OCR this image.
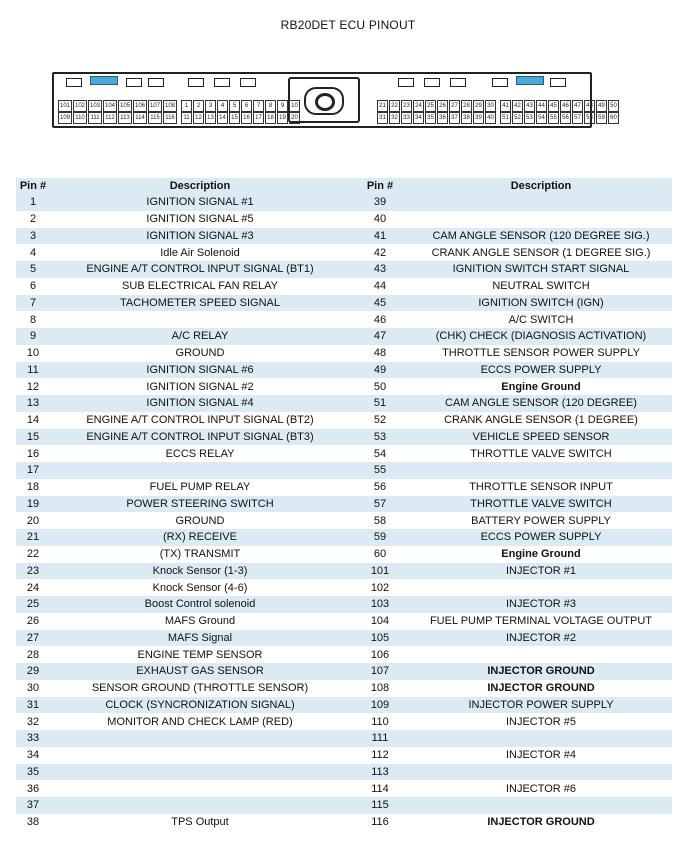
RB20DET ECU PINOUT
101 102 103 104 105 106 107 108	1	2	3	4	5	6	7	8	9	10	21 22 23 24 25 26 27 28 29 30	41 42 43 44 45 46 47 48 49 50
109 110 111 112 113 114 115 116	11 12 13 14 15 16 17 18 19 20	31 32 33 34 35 36 37 38 39 40	51 52 53 54 55 56 57 58 59 60
Pin #	Description	Pin #	Description
1	IGNITION SIGNAL #1	39	
2	IGNITION SIGNAL #5	40	
3	IGNITION SIGNAL #3	41	CAM ANGLE SENSOR (120 DEGREE SIG.)
4	Idle Air Solenoid	42	CRANK ANGLE SENSOR (1 DEGREE SIG.)
5	ENGINE A/T CONTROL INPUT SIGNAL (BT1)	43	IGNITION SWITCH START SIGNAL
6	SUB ELECTRICAL FAN RELAY	44	NEUTRAL SWITCH
7	TACHOMETER SPEED SIGNAL	45	IGNITION SWITCH (IGN)
8		46	A/C SWITCH
9	A/C RELAY	47	(CHK) CHECK (DIAGNOSIS ACTIVATION)
10	GROUND	48	THROTTLE SENSOR POWER SUPPLY
11	IGNITION SIGNAL #6	49	ECCS POWER SUPPLY
12	IGNITION SIGNAL #2	50	Engine Ground
13	IGNITION SIGNAL #4	51	CAM ANGLE SENSOR (120 DEGREE)
14	ENGINE A/T CONTROL INPUT SIGNAL (BT2)	52	CRANK ANGLE SENSOR (1 DEGREE)
15	ENGINE A/T CONTROL INPUT SIGNAL (BT3)	53	VEHICLE SPEED SENSOR
16	ECCS RELAY	54	THROTTLE VALVE SWITCH
17		55	
18	FUEL PUMP RELAY	56	THROTTLE SENSOR INPUT
19	POWER STEERING SWITCH	57	THROTTLE VALVE SWITCH
20	GROUND	58	BATTERY POWER SUPPLY
21	(RX) RECEIVE	59	ECCS POWER SUPPLY
22	(TX) TRANSMIT	60	Engine Ground
23	Knock Sensor (1-3)	101	INJECTOR #1
24	Knock Sensor (4-6)	102	
25	Boost Control solenoid	103	INJECTOR #3
26	MAFS Ground	104	FUEL PUMP TERMINAL VOLTAGE OUTPUT
27	MAFS Signal	105	INJECTOR #2
28	ENGINE TEMP SENSOR	106	
29	EXHAUST GAS SENSOR	107	INJECTOR GROUND
30	SENSOR GROUND (THROTTLE SENSOR)	108	INJECTOR GROUND
31	CLOCK (SYNCRONIZATION SIGNAL)	109	INJECTOR POWER SUPPLY
32	MONITOR AND CHECK LAMP (RED)	110	INJECTOR #5
33		111	
34		112	INJECTOR #4
35		113	
36		114	INJECTOR #6
37		115	
38	TPS Output	116	INJECTOR GROUND
